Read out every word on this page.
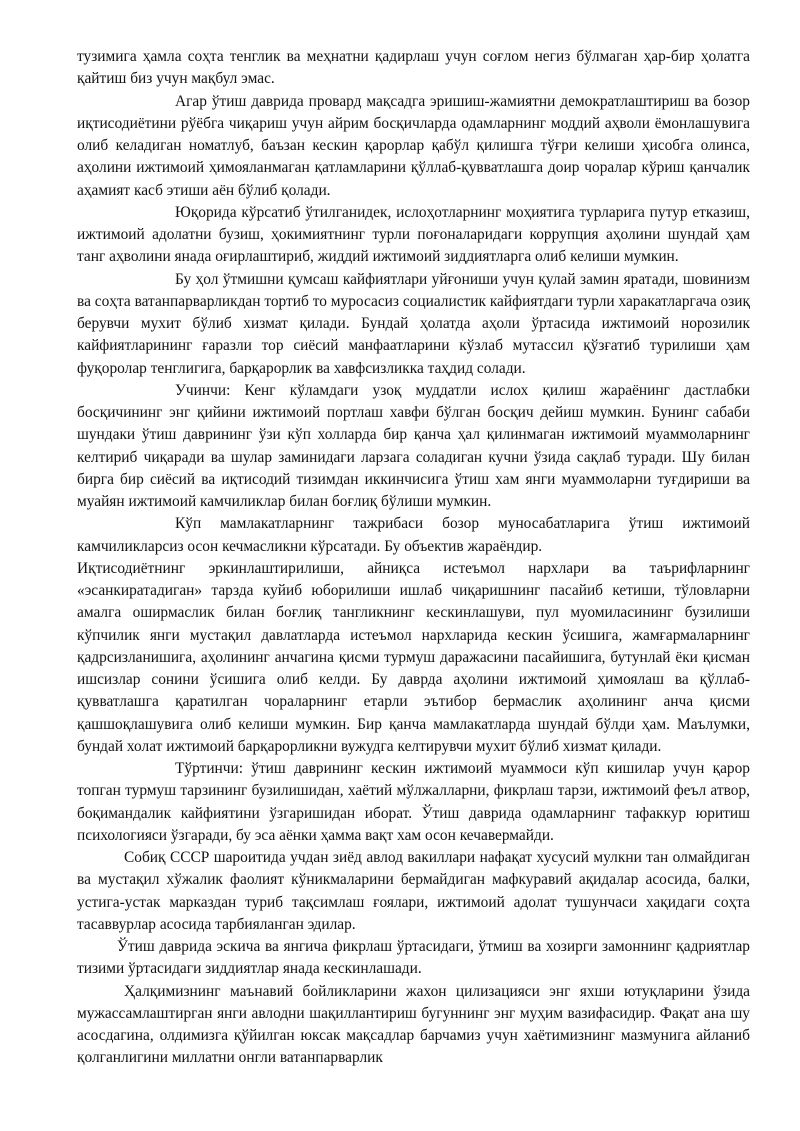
тузимига ҳамла соҳта тенглик ва меҳнатни қадирлаш учун соғлом негиз бўлмаган ҳар-бир ҳолатга қайтиш биз учун мақбул эмас.

Агар ўтиш даврида провард мақсадга эришиш-жамиятни демократлаштириш ва бозор иқтисодиётини рўёбга чиқариш учун айрим босқичларда одамларнинг моддий аҳволи ёмонлашувига олиб келадиган номатлуб, баъзан кескин қарорлар қабўл қилишга тўғри келиши ҳисобга олинса, аҳолини ижтимоий ҳимояланмаган қатламларини қўллаб-қувватлашга доир чоралар кўриш қанчалик аҳамият касб этиши аён бўлиб қолади.

Юқорида кўрсатиб ўтилганидек, ислоҳотларнинг моҳиятига турларига путур етказиш, ижтимоий адолатни бузиш, ҳокимиятнинг турли поғоналаридаги коррупция аҳолини шундай ҳам танг аҳволини янада оғирлаштириб, жиддий ижтимоий зиддиятларга олиб келиши мумкин.

Бу ҳол ўтмишни қумсаш кайфиятлари уйғониши учун қулай замин яратади, шовинизм ва соҳта ватанпарварликдан тортиб то муросасиз социалистик кайфиятдаги турли харакатларгача озиқ берувчи мухит бўлиб хизмат қилади. Бундай ҳолатда аҳоли ўртасида ижтимоий норозилик кайфиятларининг ғаразли тор сиёсий манфаатларини кўзлаб мутассил қўзғатиб турилиши ҳам фуқоролар тенглигига, барқарорлик ва хавфсизликка таҳдид солади.

Учинчи: Кенг кўламдаги узоқ муддатли ислох қилиш жараёнинг дастлабки босқичининг энг қийини ижтимоий портлаш хавфи бўлган босқич дейиш мумкин. Бунинг сабаби шундаки ўтиш даврининг ўзи кўп холларда бир қанча ҳал қилинмаган ижтимоий муаммоларнинг келтириб чиқаради ва шулар заминидаги ларзага соладиган кучни ўзида сақлаб туради. Шу билан бирга бир сиёсий ва иқтисодий тизимдан иккинчисига ўтиш хам янги муаммоларни туғдириши ва муайян ижтимоий камчиликлар билан боғлиқ бўлиши мумкин.

Кўп мамлакатларнинг тажрибаси бозор муносабатларига ўтиш ижтимоий камчиликларсиз осон кечмасликни кўрсатади. Бу объектив жараёндир.

Иқтисодиётнинг эркинлаштирилиши, айниқса истеъмол нархлари ва таърифларнинг «эсанкиратадиган» тарзда куйиб юборилиши ишлаб чиқаришнинг пасайиб кетиши, тўловларни амалга оширмаслик билан боғлиқ тангликнинг кескинлашуви, пул муомиласининг бузилиши кўпчилик янги мустақил давлатларда истеъмол нархларида кескин ўсишига, жамғармаларнинг қадрсизланишига, аҳолининг анчагина қисми турмуш даражасини пасайишига, бутунлай ёки қисман ишсизлар сонини ўсишига олиб келди. Бу даврда аҳолини ижтимоий ҳимоялаш ва қўллаб-қувватлашга қаратилган чораларнинг етарли эътибор бермаслик аҳолининг анча қисми қашшоқлашувига олиб келиши мумкин. Бир қанча мамлакатларда шундай бўлди ҳам. Маълумки, бундай холат ижтимоий барқарорликни вужудга келтирувчи мухит бўлиб хизмат қилади.

Тўртинчи: ўтиш даврининг кескин ижтимоий муаммоси кўп кишилар учун қарор топган турмуш тарзининг бузилишидан, хаётий мўлжалларни, фикрлаш тарзи, ижтимоий феъл атвор, боқимандалик кайфиятини ўзгаришидан иборат. Ўтиш даврида одамларнинг тафаккур юритиш психологияси ўзгаради, бу эса аёнки ҳамма вақт хам осон кечавермайди.

Собиқ СССР шароитида учдан зиёд авлод вакиллари нафақат хусусий мулкни тан олмайдиган ва мустақил хўжалик фаолият кўникмаларини бермайдиган мафкуравий ақидалар асосида, балки, устига-устак марказдан туриб тақсимлаш ғоялари, ижтимоий адолат тушунчаси хақидаги соҳта тасаввурлар асосида тарбияланган эдилар.

Ўтиш даврида эскича ва янгича фикрлаш ўртасидаги, ўтмиш ва хозирги замоннинг қадриятлар тизими ўртасидаги зиддиятлар янада кескинлашади.

Ҳалқимизнинг маънавий бойликларини жахон цилизацияси энг яхши ютуқларини ўзида мужассамлаштирган янги авлодни шақиллантириш бугуннинг энг муҳим вазифасидир. Фақат ана шу асосдагина, олдимизга қўйилган юксак мақсадлар барчамиз учун хаётимизнинг мазмунига айланиб қолганлигини миллатни онгли ватанпарварлик
